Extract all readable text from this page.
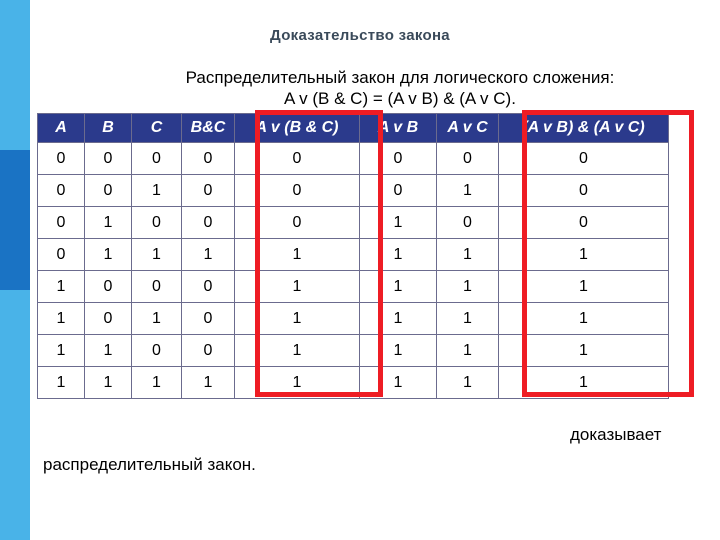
Доказательство закона
Распределительный закон для логического сложения:
A v (B & C) = (A v B) & (A v C).
A	B	C	B&C	A v (B & C)	A v B	A v C	(A v B) & (A v C)
0	0	0	0	0	0	0	0
0	0	1	0	0	0	1	0
0	1	0	0	0	1	0	0
0	1	1	1	1	1	1	1
1	0	0	0	1	1	1	1
1	0	1	0	1	1	1	1
1	1	0	0	1	1	1	1
1	1	1	1	1	1	1	1
доказывает
распределительный закон.
